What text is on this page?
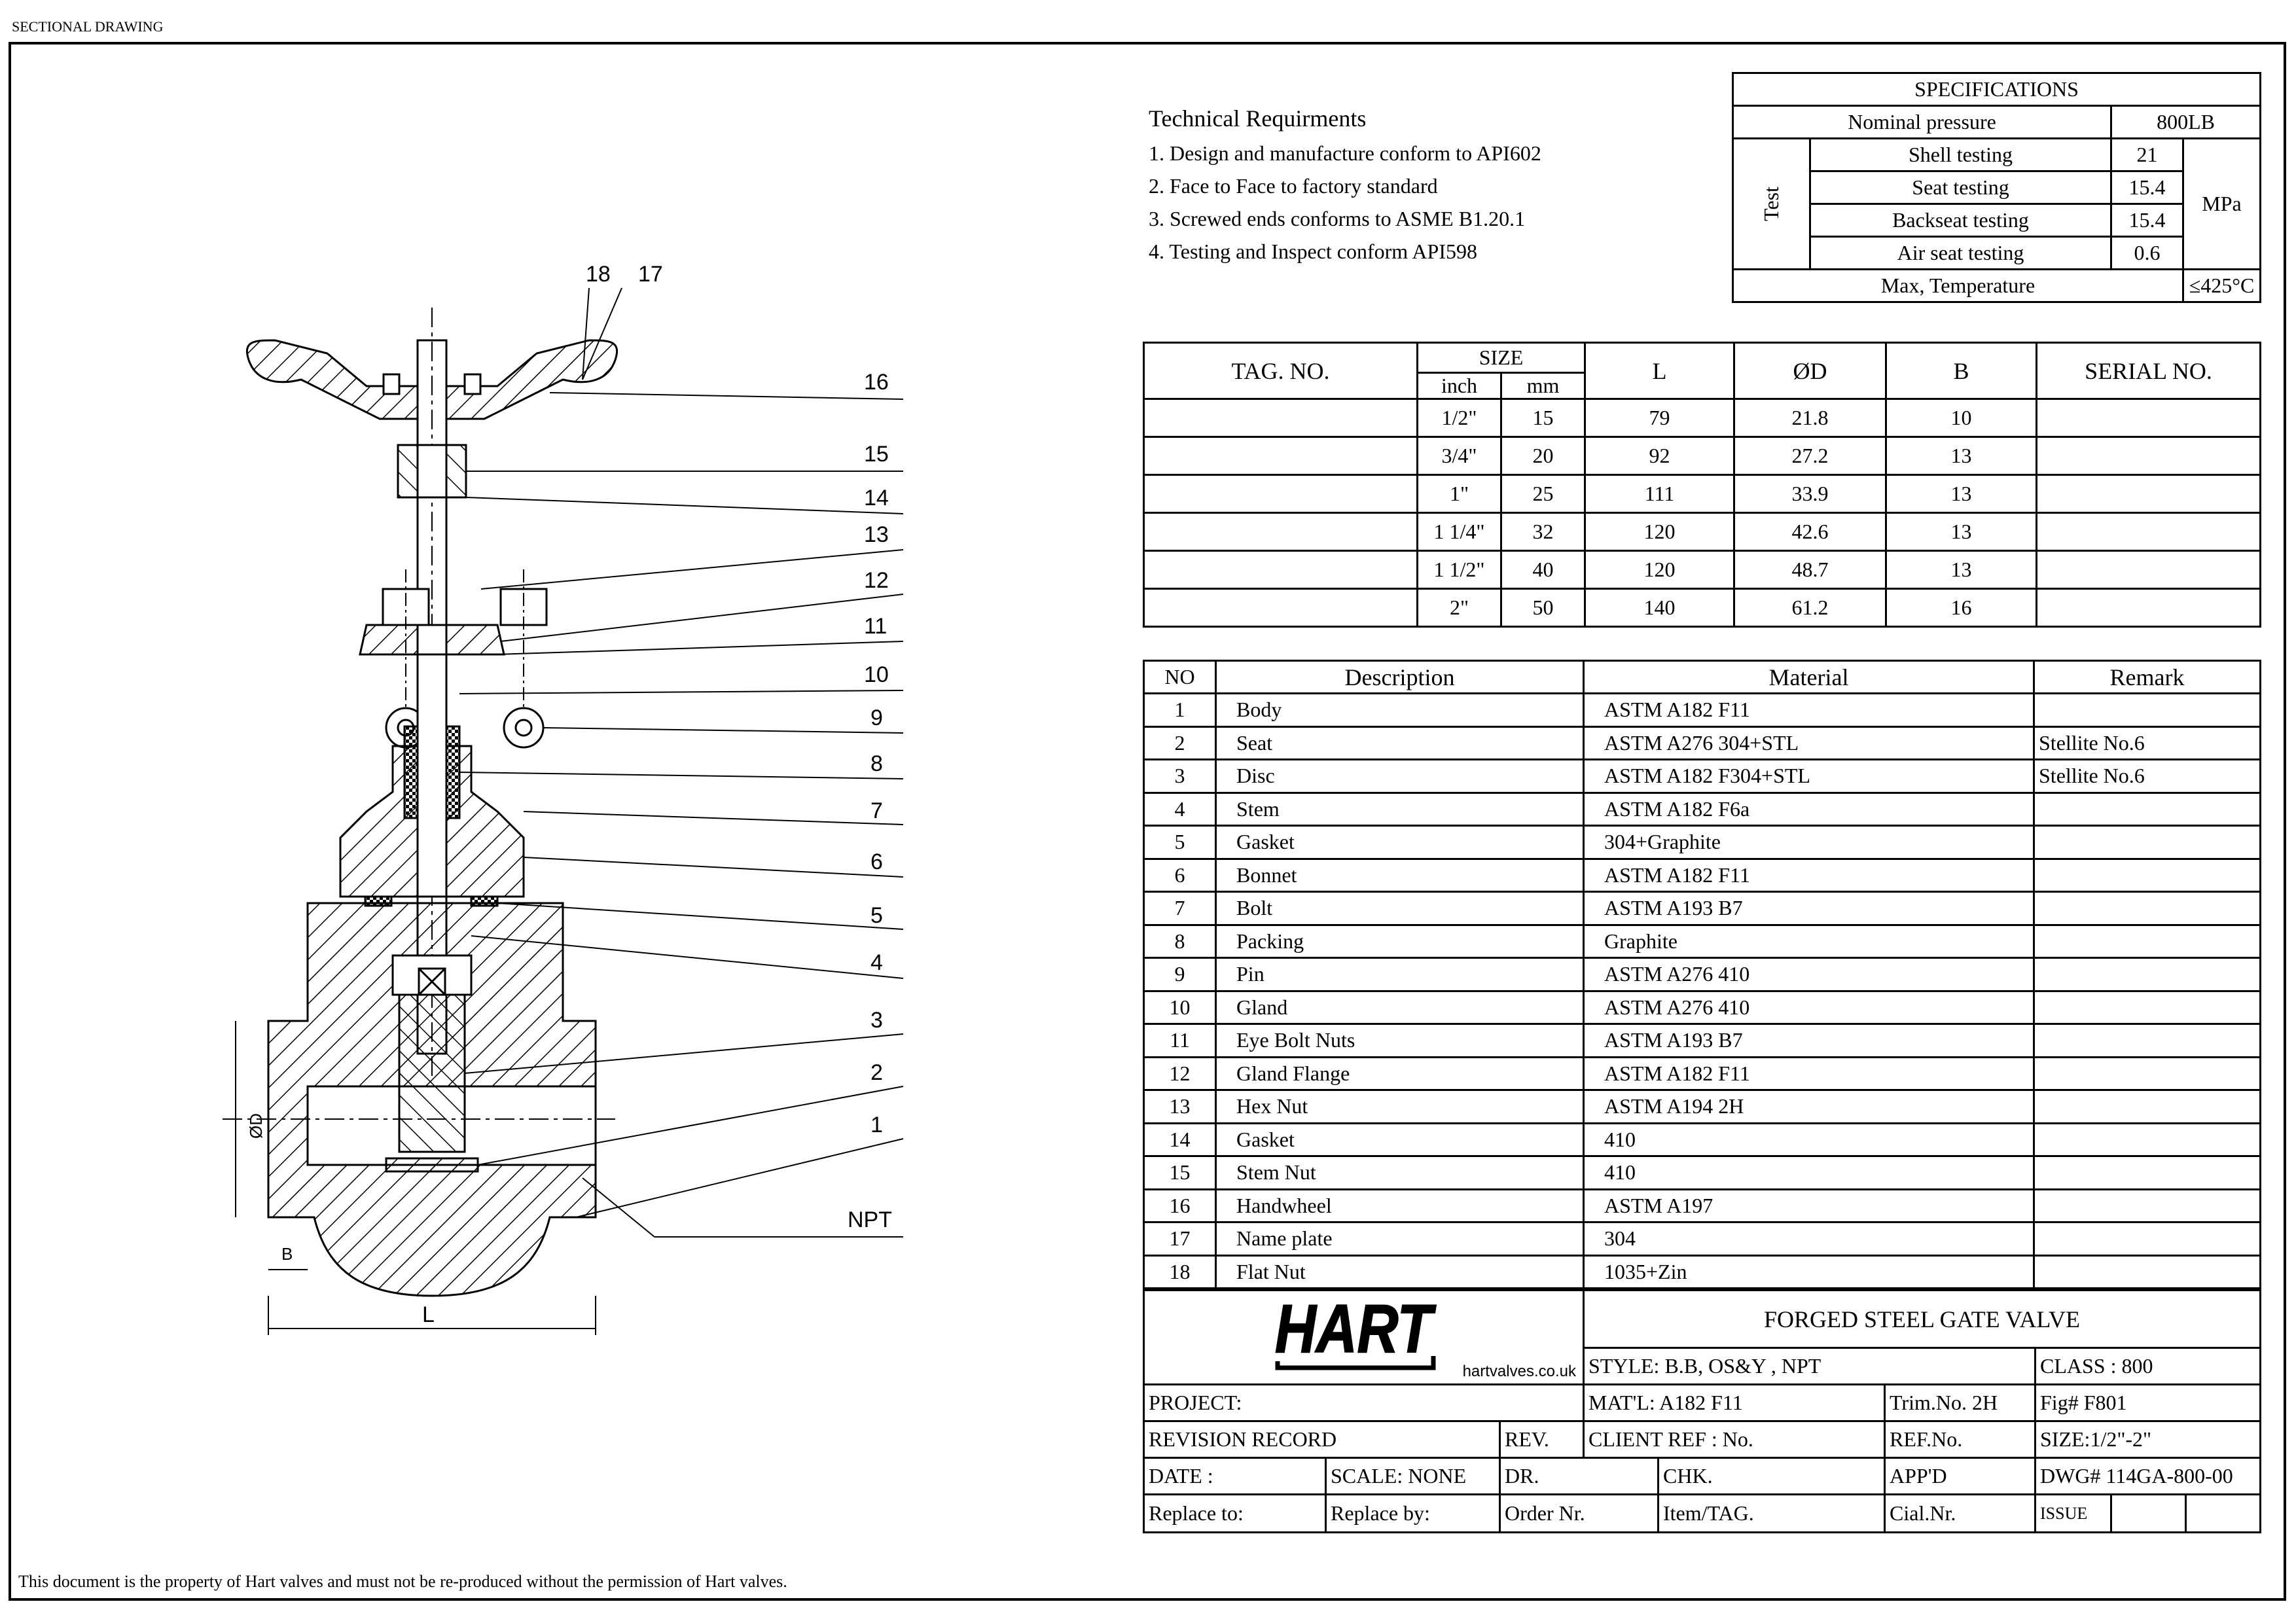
SECTIONAL DRAWING
This document is the property of Hart valves and must not be re-produced without the permission of Hart valves.
Technical Requirments
1. Design and manufacture conform to API602
2. Face to Face to factory standard
3. Screwed ends conforms to ASME B1.20.1
4. Testing and Inspect conform API598
SPECIFICATIONS			
Nominal pressure		800LB	

Test	Shell testing	21	MPa
	Seat testing	15.4	
	Backseat testing	15.4	
	Air seat testing	0.6	
Max, Temperature			≤425°C
TAG. NO.	SIZE		L	ØD	B	SERIAL NO.
	inch	mm				
	1/2"	15	79	21.8	10	
	3/4"	20	92	27.2	13	
	1"	25	111	33.9	13	
	1 1/4"	32	120	42.6	13	
	1 1/2"	40	120	48.7	13	
	2"	50	140	61.2	16	
NO	Description	Material	Remark
1	Body	ASTM A182 F11	
2	Seat	ASTM A276 304+STL	Stellite No.6
3	Disc	ASTM A182 F304+STL	Stellite No.6
4	Stem	ASTM A182 F6a	
5	Gasket	304+Graphite	
6	Bonnet	ASTM A182 F11	
7	Bolt	ASTM A193 B7	
8	Packing	Graphite	
9	Pin	ASTM A276 410	
10	Gland	ASTM A276 410	
11	Eye Bolt Nuts	ASTM A193 B7	
12	Gland Flange	ASTM A182 F11	
13	Hex Nut	ASTM A194 2H	
14	Gasket	410	
15	Stem Nut	410	
16	Handwheel	ASTM A197	
17	Name plate	304	
18	Flat Nut	1035+Zin	
hartvalves.co.uk			FORGED STEEL GATE VALVE					
			STYLE: B.B, OS&Y , NPT			CLASS : 800		
PROJECT:			MAT'L: A182 F11		Trim.No. 2H	Fig# F801		
REVISION RECORD		REV.	CLIENT REF : No.		REF.No.	SIZE:1/2"-2"		
DATE :	SCALE: NONE	DR.		CHK.	APP'D	DWG# 114GA-800-00		
Replace to:	Replace by:	Order Nr.		Item/TAG.	Cial.Nr.	ISSUE		
HART
16
15
14
13
12
11
10
9
8
7
6
5
4
3
2
1
18 17
NPT
L
B
ØD
